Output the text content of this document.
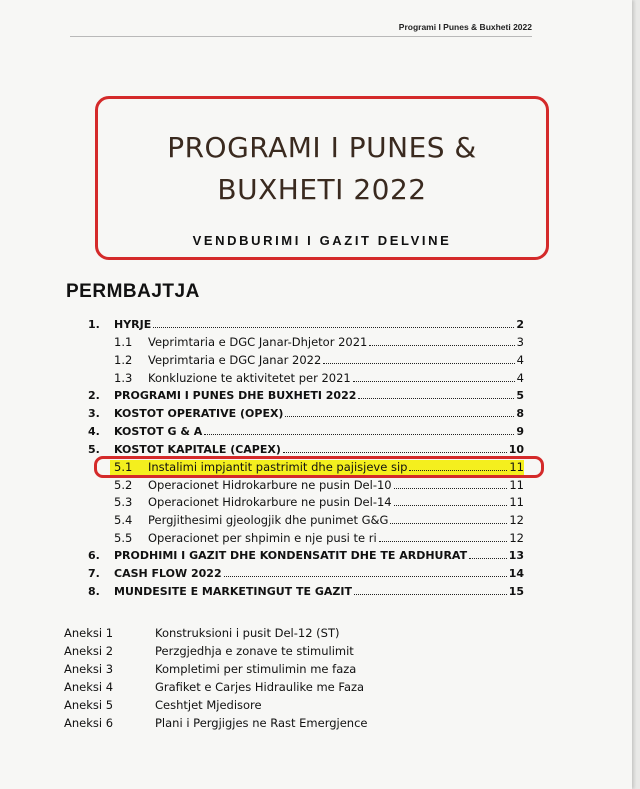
Programi I Punes & Buxheti 2022
PROGRAMI I PUNES &
BUXHETI 2022
VENDBURIMI I GAZIT DELVINE
PERMBAJTJA
1.	HYRJE	2
1.1	Veprimtaria e DGC Janar-Dhjetor 2021	3
1.2	Veprimtaria e DGC Janar 2022	4
1.3	Konkluzione te aktivitetet per 2021	4
2.	PROGRAMI I PUNES DHE BUXHETI 2022	5
3.	KOSTOT OPERATIVE (OPEX)	8
4.	KOSTOT G & A	9
5.	KOSTOT KAPITALE (CAPEX)	10
5.1	Instalimi impjantit pastrimit dhe pajisjeve sip	11
5.2	Operacionet Hidrokarbure ne pusin Del-10	11
5.3	Operacionet Hidrokarbure ne pusin Del-14	11
5.4	Pergjithesimi gjeologjik dhe punimet G&G	12
5.5	Operacionet per shpimin e nje pusi te ri	12
6.	PRODHIMI I GAZIT DHE KONDENSATIT DHE TE ARDHURAT	13
7.	CASH FLOW 2022	14
8.	MUNDESITE E MARKETINGUT TE GAZIT	15
Aneksi 1	Konstruksioni i pusit Del-12 (ST)
Aneksi 2	Perzgjedhja e zonave te stimulimit
Aneksi 3	Kompletimi per stimulimin me faza
Aneksi 4	Grafiket e Carjes Hidraulike me Faza
Aneksi 5	Ceshtjet Mjedisore
Aneksi 6	Plani i Pergjigjes ne Rast Emergjence
